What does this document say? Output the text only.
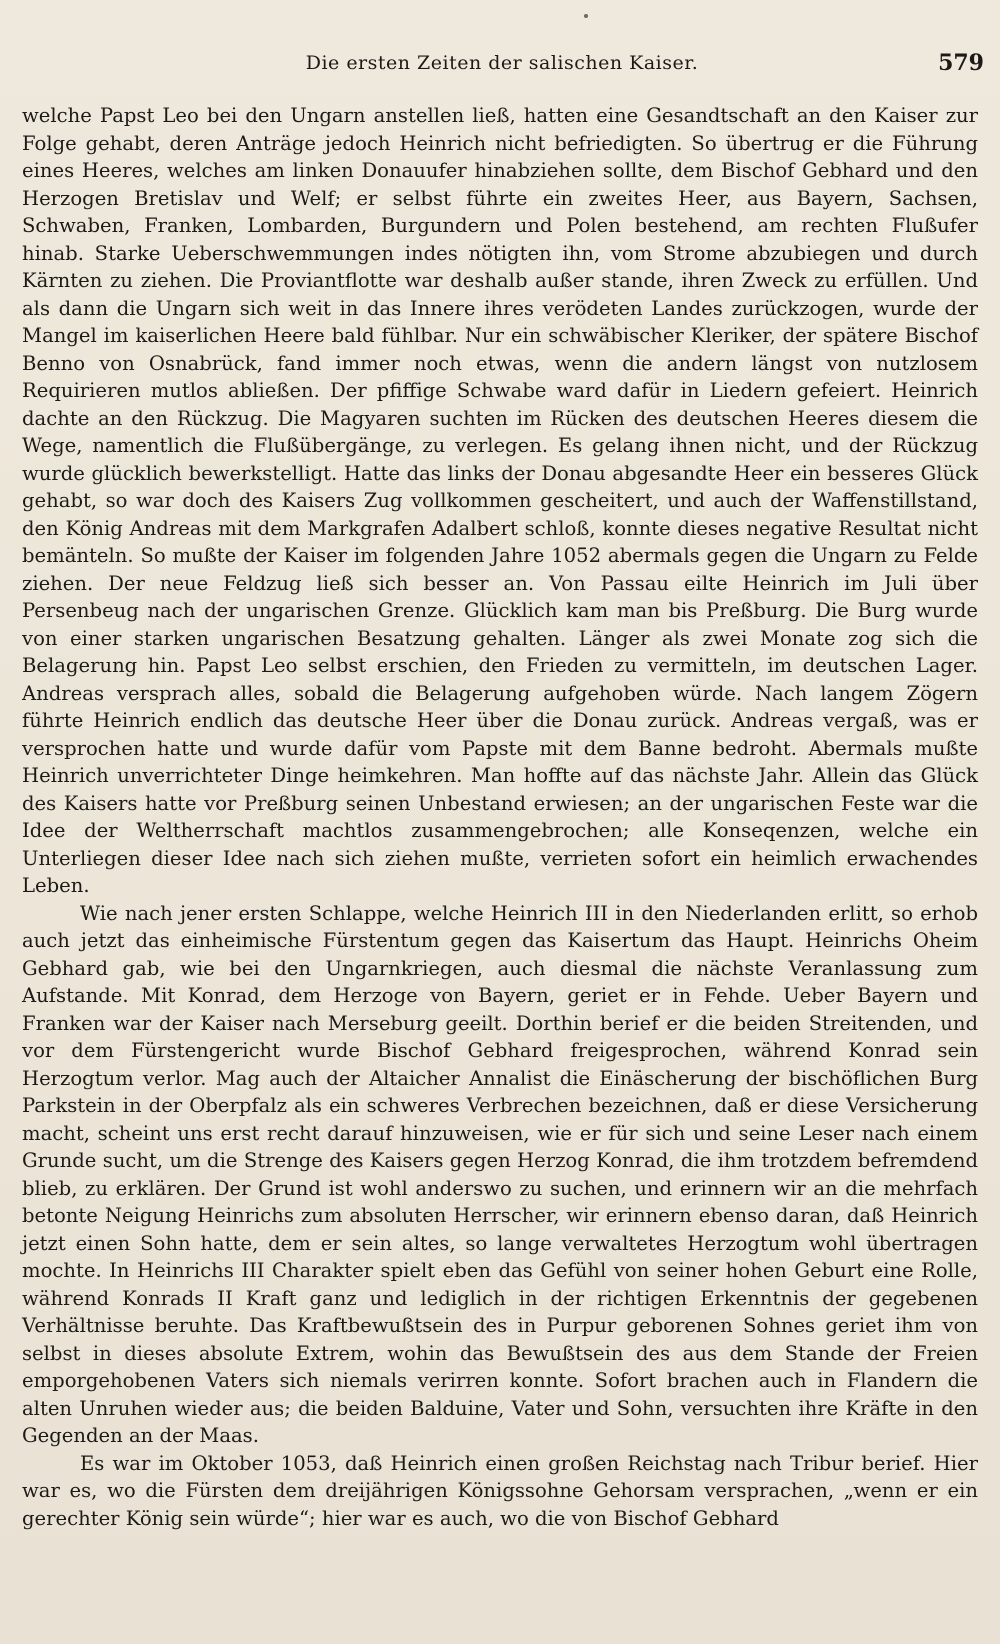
Die ersten Zeiten der salischen Kaiser.	579

welche Papst Leo bei den Ungarn anstellen ließ, hatten eine Gesandtschaft an den Kaiser zur Folge gehabt, deren Anträge jedoch Heinrich nicht befriedigten. So übertrug er die Führung eines Heeres, welches am linken Donauufer hinabziehen sollte, dem Bischof Gebhard und den Herzogen Bretislav und Welf; er selbst führte ein zweites Heer, aus Bayern, Sachsen, Schwaben, Franken, Lombarden, Burgundern und Polen bestehend, am rechten Flußufer hinab. Starke Ueberschwemmungen indes nötigten ihn, vom Strome abzubiegen und durch Kärnten zu ziehen. Die Proviantflotte war deshalb außer stande, ihren Zweck zu erfüllen. Und als dann die Ungarn sich weit in das Innere ihres verödeten Landes zurückzogen, wurde der Mangel im kaiserlichen Heere bald fühlbar. Nur ein schwäbischer Kleriker, der spätere Bischof Benno von Osnabrück, fand immer noch etwas, wenn die andern längst von nutzlosem Requirieren mutlos abließen. Der pfiffige Schwabe ward dafür in Liedern gefeiert. Heinrich dachte an den Rückzug. Die Magyaren suchten im Rücken des deutschen Heeres diesem die Wege, namentlich die Flußübergänge, zu verlegen. Es gelang ihnen nicht, und der Rückzug wurde glücklich bewerkstelligt. Hatte das links der Donau abgesandte Heer ein besseres Glück gehabt, so war doch des Kaisers Zug vollkommen gescheitert, und auch der Waffenstillstand, den König Andreas mit dem Markgrafen Adalbert schloß, konnte dieses negative Resultat nicht bemänteln. So mußte der Kaiser im folgenden Jahre 1052 abermals gegen die Ungarn zu Felde ziehen. Der neue Feldzug ließ sich besser an. Von Passau eilte Heinrich im Juli über Persenbeug nach der ungarischen Grenze. Glücklich kam man bis Preßburg. Die Burg wurde von einer starken ungarischen Besatzung gehalten. Länger als zwei Monate zog sich die Belagerung hin. Papst Leo selbst erschien, den Frieden zu vermitteln, im deutschen Lager. Andreas versprach alles, sobald die Belagerung aufgehoben würde. Nach langem Zögern führte Heinrich endlich das deutsche Heer über die Donau zurück. Andreas vergaß, was er versprochen hatte und wurde dafür vom Papste mit dem Banne bedroht. Abermals mußte Heinrich unverrichteter Dinge heimkehren. Man hoffte auf das nächste Jahr. Allein das Glück des Kaisers hatte vor Preßburg seinen Unbestand erwiesen; an der ungarischen Feste war die Idee der Weltherrschaft machtlos zusammengebrochen; alle Konseqenzen, welche ein Unterliegen dieser Idee nach sich ziehen mußte, verrieten sofort ein heimlich erwachendes Leben.

Wie nach jener ersten Schlappe, welche Heinrich III in den Niederlanden erlitt, so erhob auch jetzt das einheimische Fürstentum gegen das Kaisertum das Haupt. Heinrichs Oheim Gebhard gab, wie bei den Ungarnkriegen, auch diesmal die nächste Veranlassung zum Aufstande. Mit Konrad, dem Herzoge von Bayern, geriet er in Fehde. Ueber Bayern und Franken war der Kaiser nach Merseburg geeilt. Dorthin berief er die beiden Streitenden, und vor dem Fürstengericht wurde Bischof Gebhard freigesprochen, während Konrad sein Herzogtum verlor. Mag auch der Altaicher Annalist die Einäscherung der bischöflichen Burg Parkstein in der Oberpfalz als ein schweres Verbrechen bezeichnen, daß er diese Versicherung macht, scheint uns erst recht darauf hinzuweisen, wie er für sich und seine Leser nach einem Grunde sucht, um die Strenge des Kaisers gegen Herzog Konrad, die ihm trotzdem befremdend blieb, zu erklären. Der Grund ist wohl anderswo zu suchen, und erinnern wir an die mehrfach betonte Neigung Heinrichs zum absoluten Herrscher, wir erinnern ebenso daran, daß Heinrich jetzt einen Sohn hatte, dem er sein altes, so lange verwaltetes Herzogtum wohl übertragen mochte. In Heinrichs III Charakter spielt eben das Gefühl von seiner hohen Geburt eine Rolle, während Konrads II Kraft ganz und lediglich in der richtigen Erkenntnis der gegebenen Verhältnisse beruhte. Das Kraftbewußtsein des in Purpur geborenen Sohnes geriet ihm von selbst in dieses absolute Extrem, wohin das Bewußtsein des aus dem Stande der Freien emporgehobenen Vaters sich niemals verirren konnte. Sofort brachen auch in Flandern die alten Unruhen wieder aus; die beiden Balduine, Vater und Sohn, versuchten ihre Kräfte in den Gegenden an der Maas.

Es war im Oktober 1053, daß Heinrich einen großen Reichstag nach Tribur berief. Hier war es, wo die Fürsten dem dreijährigen Königssohne Gehorsam versprachen, „wenn er ein gerechter König sein würde“; hier war es auch, wo die von Bischof Gebhard
